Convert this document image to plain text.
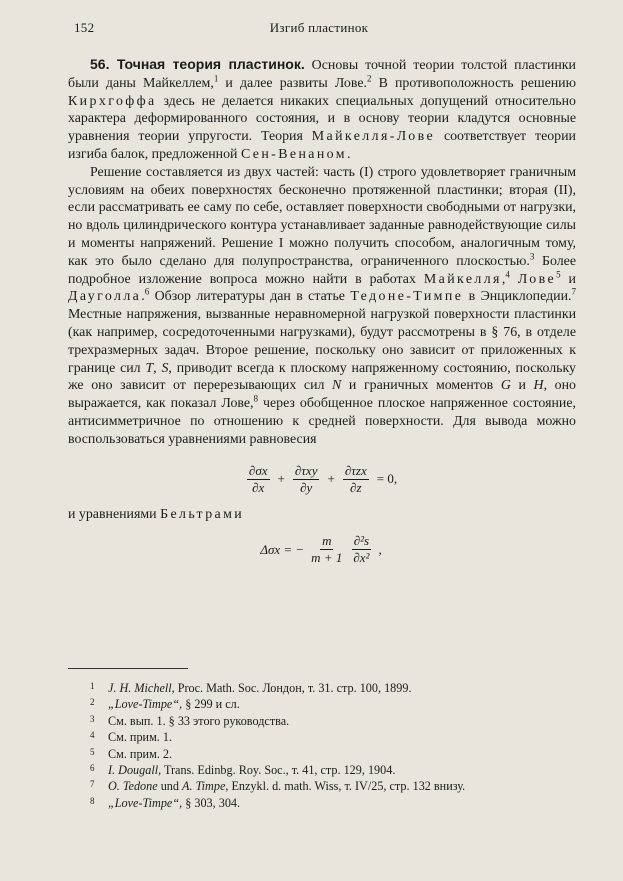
152	Изгиб пластинок

56. Точная теория пластинок. Основы точной теории толстой пластинки были даны Майкеллем,$^1$ и далее развиты Лове.$^2$ В противоположность решению Кирхгоффа здесь не делается никаких специальных допущений относительно характера деформированного состояния, и в основу теории кладутся основные уравнения теории упругости. Теория Майкелля-Лове соответствует теории изгиба балок, предложенной Сен-Венаном.

Решение составляется из двух частей: часть (I) строго удовлетворяет граничным условиям на обеих поверхностях бесконечно протяженной пластинки; вторая (II), если рассматривать ее саму по себе, оставляет поверхности свободными от нагрузки, но вдоль цилиндрического контура устанавливает заданные равнодействующие силы и моменты напряжений. Решение I можно получить способом, аналогичным тому, как это было сделано для полупространства, ограниченного плоскостью.$^3$ Более подробное изложение вопроса можно найти в работах Майкелля,$^4$ Лове$^5$ и Дауголла.$^6$ Обзор литературы дан в статье Тедоне-Тимпе в Энциклопедии.$^7$ Местные напряжения, вызванные неравномерной нагрузкой поверхности пластинки (как например, сосредоточенными нагрузками), будут рассмотрены в § 76, в отделе трехразмерных задач. Второе решение, поскольку оно зависит от приложенных к границе сил T, S, приводит всегда к плоскому напряженному состоянию, поскольку же оно зависит от перерезывающих сил N и граничных моментов G и H, оно выражается, как показал Лове,$^8$ через обобщенное плоское напряженное состояние, антисимметричное по отношению к средней поверхности. Для вывода можно воспользоваться уравнениями равновесия

$\frac{\partial\sigma x}{\partial x} + \frac{\text{∂τxy}}{\partial y} + \frac{\text{∂τzx}}{\partial z} = 0$,

и уравнениями Бельтрами

Δσx = − $\frac{m}{m + 1} \frac{\text{∂²s}}{\text{∂x²}}$ ,
1 J. H. Michell, Proc. Math. Soc. Лондон, т. 31. стр. 100, 1899.
2 „Love-Timpe“, § 299 и сл.
3 См. вып. 1. § 33 этого руководства.
4 См. прим. 1.
5 См. прим. 2.
6 I. Dougall, Trans. Edinbg. Roy. Soc., т. 41, стр. 129, 1904.
7 O. Tedone und A. Timpe, Enzykl. d. math. Wiss, т. IV/25, стр. 132 внизу.
8 „Love-Timpe“, § 303, 304.
